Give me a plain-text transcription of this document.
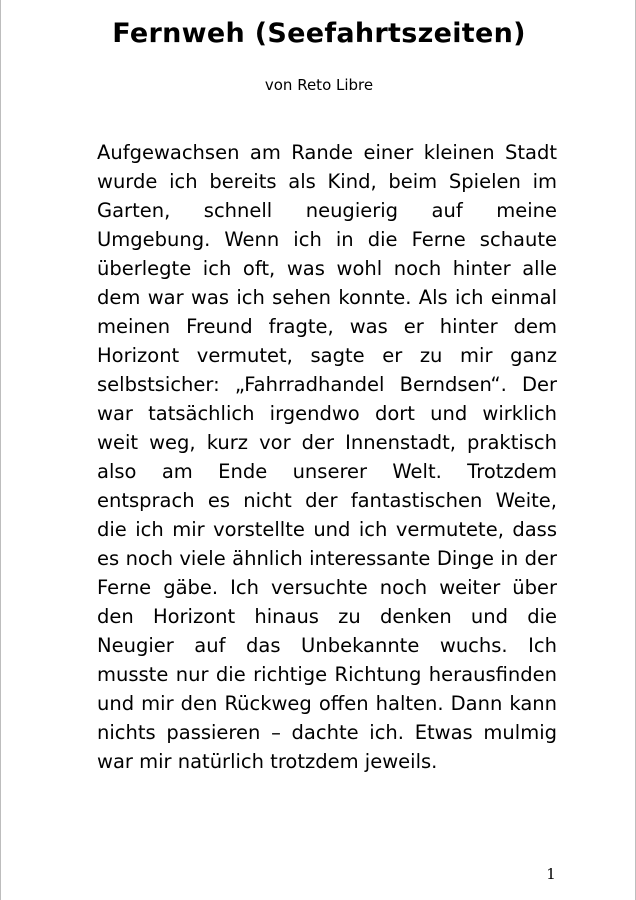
Fernweh (Seefahrtszeiten)
von Reto Libre

Aufgewachsen am Rande einer kleinen Stadt wurde ich bereits als Kind, beim Spielen im Garten, schnell neugierig auf meine Umgebung. Wenn ich in die Ferne schaute überlegte ich oft, was wohl noch hinter alle dem war was ich sehen konnte. Als ich einmal meinen Freund fragte, was er hinter dem Horizont vermutet, sagte er zu mir ganz selbstsicher: „Fahrradhandel Berndsen“. Der war tatsächlich irgendwo dort und wirklich weit weg, kurz vor der Innenstadt, praktisch also am Ende unserer Welt. Trotzdem entsprach es nicht der fantastischen Weite, die ich mir vorstellte und ich vermutete, dass es noch viele ähnlich interessante Dinge in der Ferne gäbe. Ich versuchte noch weiter über den Horizont hinaus zu denken und die Neugier auf das Unbekannte wuchs. Ich musste nur die richtige Richtung herausfinden und mir den Rückweg offen halten. Dann kann nichts passieren – dachte ich. Etwas mulmig war mir natürlich trotzdem jeweils.

1
